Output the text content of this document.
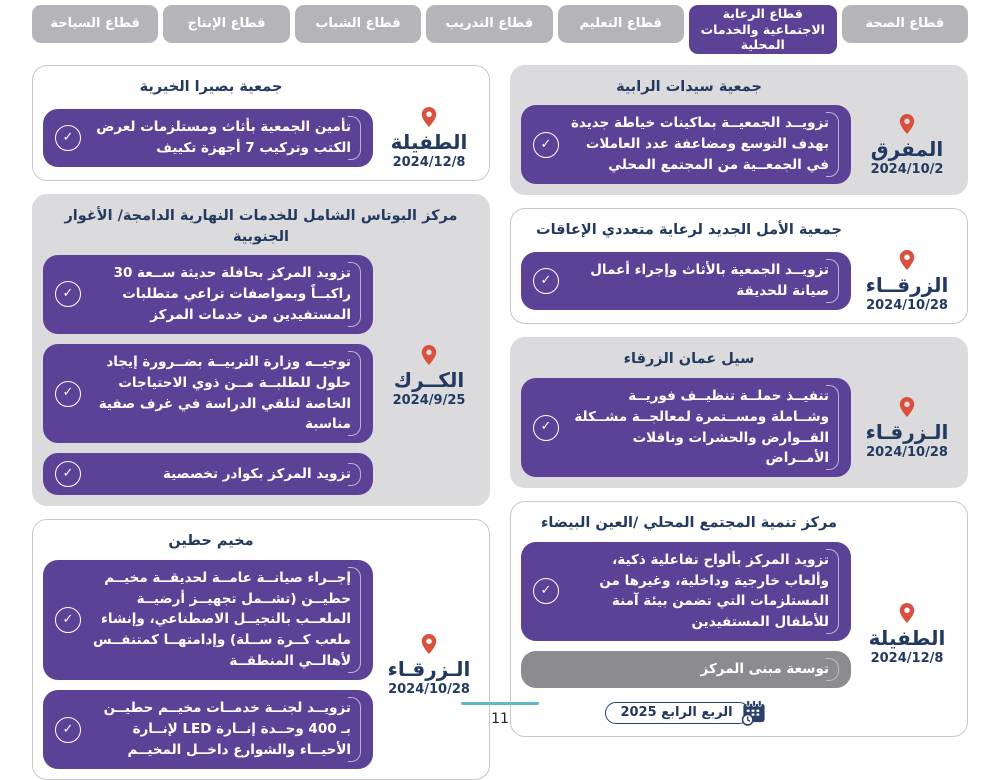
قطاع الصحة
قطاع الرعاية الاجتماعية والخدمات المحلية
قطاع التعليم
قطاع التدريب
قطاع الشباب
قطاع الإنتاج
قطاع السياحة
جمعية سيدات الرابية
المفرق
2024/10/2
تزويــد الجمعيــة بماكينات خياطة جديدة بهدف التوسع ومضاعفة عدد العاملات في الجمعــية من المجتمع المحلي
✓
جمعية الأمل الجديد لرعاية متعددي الإعاقات
الزرقــاء
2024/10/28
تزويــد الجمعية بالأثاث وإجراء أعمال صيانة للحديقة
✓
سيل عمان الزرقاء
الـزرقـاء
2024/10/28
تنفيــذ حملــة تنظيــف فوريــة وشــاملة ومســتمرة لمعالجــة مشــكلة القــوارض والحشرات وناقلات الأمــراض
✓
مركز تنمية المجتمع المحلي /العين البيضاء
الطفيلة
2024/12/8
تزويد المركز بألواح تفاعلية ذكية، وألعاب خارجية وداخلية، وغيرها من المستلزمات التي تضمن بيئة آمنة للأطفال المستفيدين
✓
توسعة مبنى المركز
الربع الرابع 2025
جمعية بصيرا الخيرية
الطفيلة
2024/12/8
تأمين الجمعية بأثاث ومستلزمات لعرض الكتب وتركيب 7 أجهزة تكييف
✓
مركز البوتاس الشامل للخدمات النهارية الدامجة/ الأغوار الجنوبية
الكــرك
2024/9/25
تزويد المركز بحافلة حديثة ســعة 30 راكبــاً وبمواصفات تراعي متطلبات المستفيدين من خدمات المركز
✓
توجيــه وزارة التربيــة بضــرورة إيجاد حلول للطلبــة مــن ذوي الاحتياجات الخاصة لتلقي الدراسة في غرف صفية مناسبة
✓
تزويد المركز بكوادر تخصصية
✓
مخيم حطين
الـزرقـاء
2024/10/28
إجــراء صيانــة عامــة لحديقــة مخيــم حطيــن (تشــمل تجهيــز أرضيــة الملعــب بالنجيــل الاصطناعي، وإنشاء ملعب كــرة ســلة) وإدامتهــا كمتنفــس لأهالــي المنطقــة
✓
تزويــد لجنــة خدمــات مخيــم حطيــن بـ 400 وحــدة إنــارة LED لإنــارة الأحيــاء والشوارع داخــل المخيــم
✓
11
